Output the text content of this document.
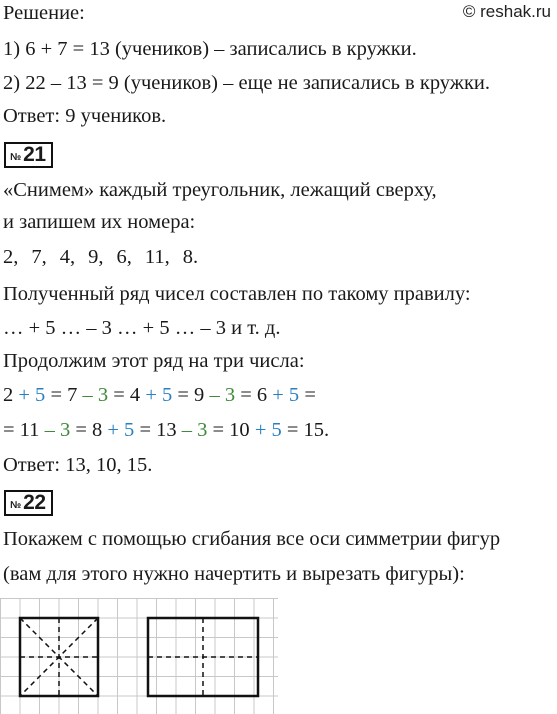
Решение:	© reshak.ru
1) 6 + 7 = 13 (учеников) – записались в кружки.
2) 22 – 13 = 9 (учеников) – еще не записались в кружки.
Ответ: 9 учеников.
№ 21
«Снимем» каждый треугольник, лежащий сверху,
и запишем их номера:
2, 7, 4, 9, 6, 11, 8.
Полученный ряд чисел составлен по такому правилу:
… + 5 … – 3 … + 5 … – 3 и т. д.
Продолжим этот ряд на три числа:
2 + 5 = 7 – 3 = 4 + 5 = 9 – 3 = 6 + 5 =
= 11 – 3 = 8 + 5 = 13 – 3 = 10 + 5 = 15.
Ответ: 13, 10, 15.
№ 22
Покажем с помощью сгибания все оси симметрии фигур
(вам для этого нужно начертить и вырезать фигуры):
